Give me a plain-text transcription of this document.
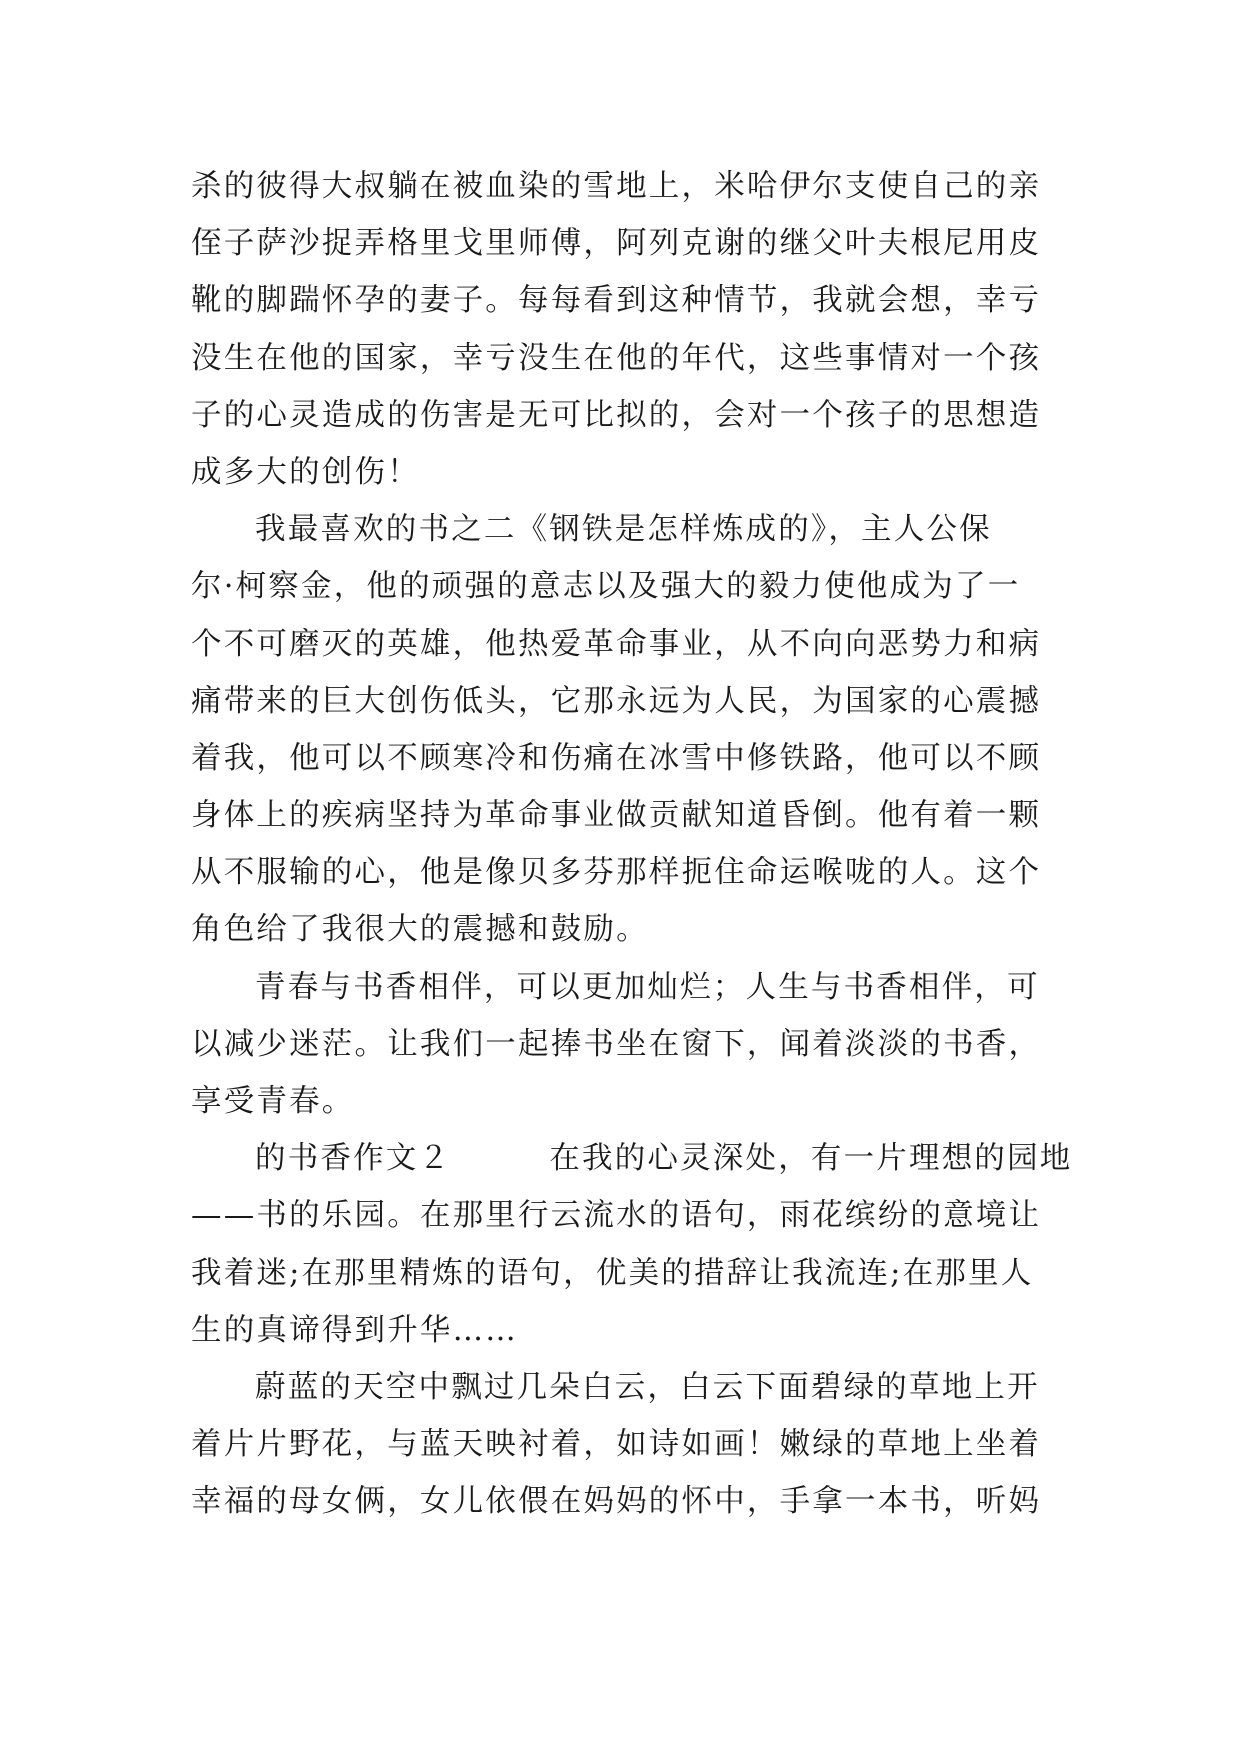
杀的彼得大叔躺在被血染的雪地上，米哈伊尔支使自己的亲
侄子萨沙捉弄格里戈里师傅，阿列克谢的继父叶夫根尼用皮
靴的脚踹怀孕的妻子。每每看到这种情节，我就会想，幸亏
没生在他的国家，幸亏没生在他的年代，这些事情对一个孩
子的心灵造成的伤害是无可比拟的，会对一个孩子的思想造
成多大的创伤！
我最喜欢的书之二《钢铁是怎样炼成的》，主人公保
尔·柯察金，他的顽强的意志以及强大的毅力使他成为了一
个不可磨灭的英雄，他热爱革命事业，从不向向恶势力和病
痛带来的巨大创伤低头，它那永远为人民，为国家的心震撼
着我，他可以不顾寒冷和伤痛在冰雪中修铁路，他可以不顾
身体上的疾病坚持为革命事业做贡献知道昏倒。他有着一颗
从不服输的心，他是像贝多芬那样扼住命运喉咙的人。这个
角色给了我很大的震撼和鼓励。
青春与书香相伴，可以更加灿烂；人生与书香相伴，可
以减少迷茫。让我们一起捧书坐在窗下，闻着淡淡的书香，
享受青春。
的书香作文２　　　在我的心灵深处，有一片理想的园地
——书的乐园。在那里行云流水的语句，雨花缤纷的意境让
我着迷;在那里精炼的语句，优美的措辞让我流连;在那里人
生的真谛得到升华……
蔚蓝的天空中飘过几朵白云，白云下面碧绿的草地上开
着片片野花，与蓝天映衬着，如诗如画！嫩绿的草地上坐着
幸福的母女俩，女儿依偎在妈妈的怀中，手拿一本书，听妈
